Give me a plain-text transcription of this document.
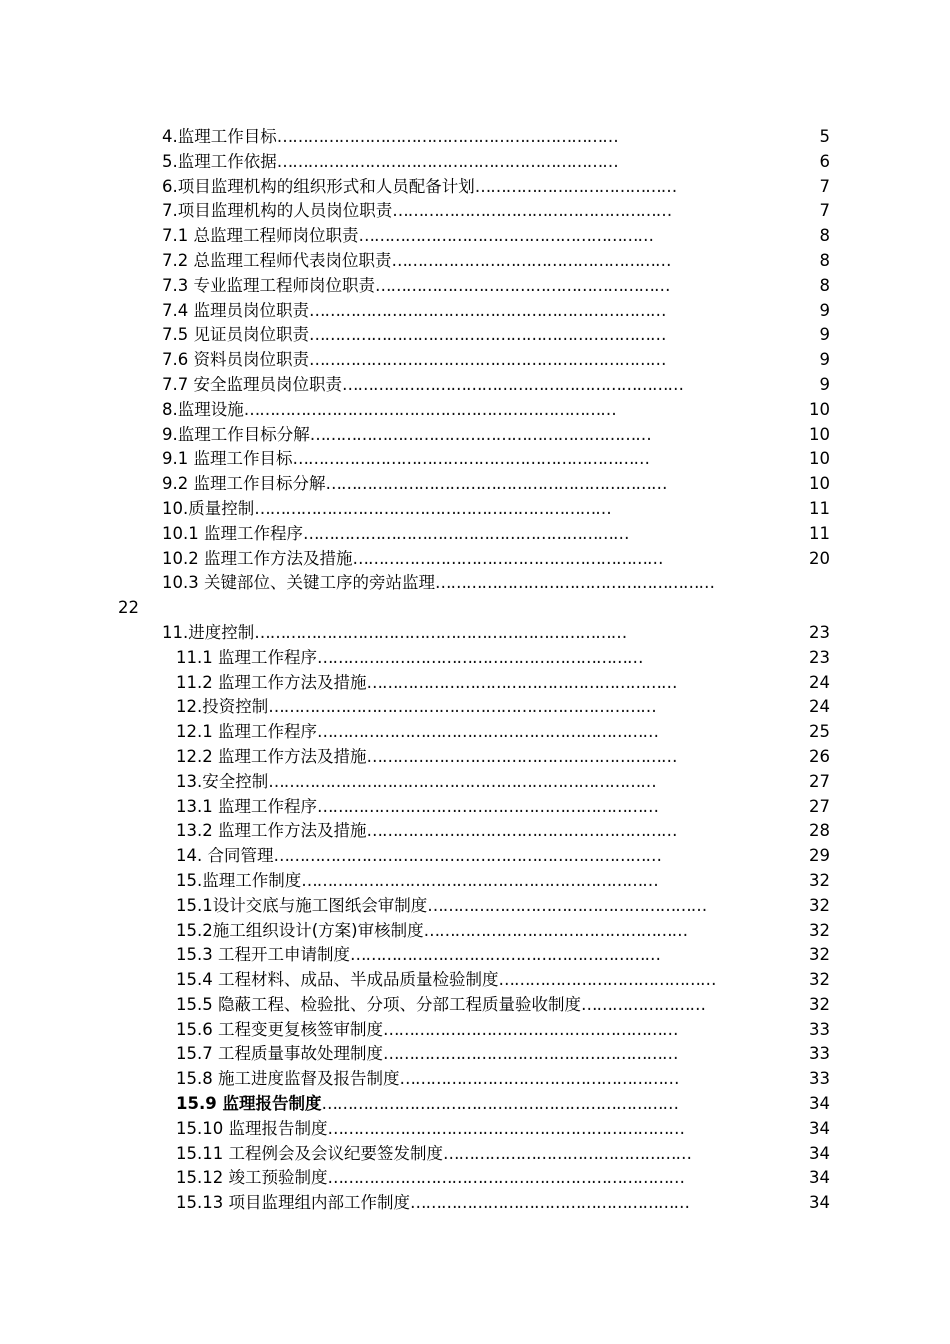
4.监理工作目标…………………………………………………………	5
5.监理工作依据…………………………………………………………	6
6.项目监理机构的组织形式和人员配备计划…………………………………	7
7.项目监理机构的人员岗位职责………………………………………………	7
7.1 总监理工程师岗位职责…………………………………………………	8
7.2 总监理工程师代表岗位职责………………………………………………	8
7.3 专业监理工程师岗位职责…………………………………………………	8
7.4 监理员岗位职责……………………………………………………………	9
7.5 见证员岗位职责……………………………………………………………	9
7.6 资料员岗位职责……………………………………………………………	9
7.7 安全监理员岗位职责…………………………………………………………	9
8.监理设施………………………………………………………………	10
9.监理工作目标分解…………………………………………………………	10
9.1 监理工作目标……………………………………………………………	10
9.2 监理工作目标分解…………………………………………………………	10
10.质量控制……………………………………………………………	11
10.1 监理工作程序………………………………………………………	11
10.2 监理工作方法及措施……………………………………………………	20
10.3 关键部位、关键工序的旁站监理………………………………………………
22
11.进度控制………………………………………………………………	23
11.1 监理工作程序………………………………………………………	23
11.2 监理工作方法及措施……………………………………………………	24
12.投资控制…………………………………………………………………	24
12.1 监理工作程序…………………………………………………………	25
12.2 监理工作方法及措施……………………………………………………	26
13.安全控制…………………………………………………………………	27
13.1 监理工作程序…………………………………………………………	27
13.2 监理工作方法及措施……………………………………………………	28
14. 合同管理…………………………………………………………………	29
15.监理工作制度……………………………………………………………	32
15.1设计交底与施工图纸会审制度………………………………………………	32
15.2施工组织设计(方案)审核制度……………………………………………	32
15.3 工程开工申请制度……………………………………………………	32
15.4 工程材料、成品、半成品质量检验制度……………………………………	32
15.5 隐蔽工程、检验批、分项、分部工程质量验收制度……………………	32
15.6 工程变更复核签审制度…………………………………………………	33
15.7 工程质量事故处理制度…………………………………………………	33
15.8 施工进度监督及报告制度………………………………………………	33
15.9 监理报告制度……………………………………………………………	34
15.10 监理报告制度……………………………………………………………	34
15.11 工程例会及会议纪要签发制度…………………………………………	34
15.12 竣工预验制度……………………………………………………………	34
15.13 项目监理组内部工作制度………………………………………………	34
